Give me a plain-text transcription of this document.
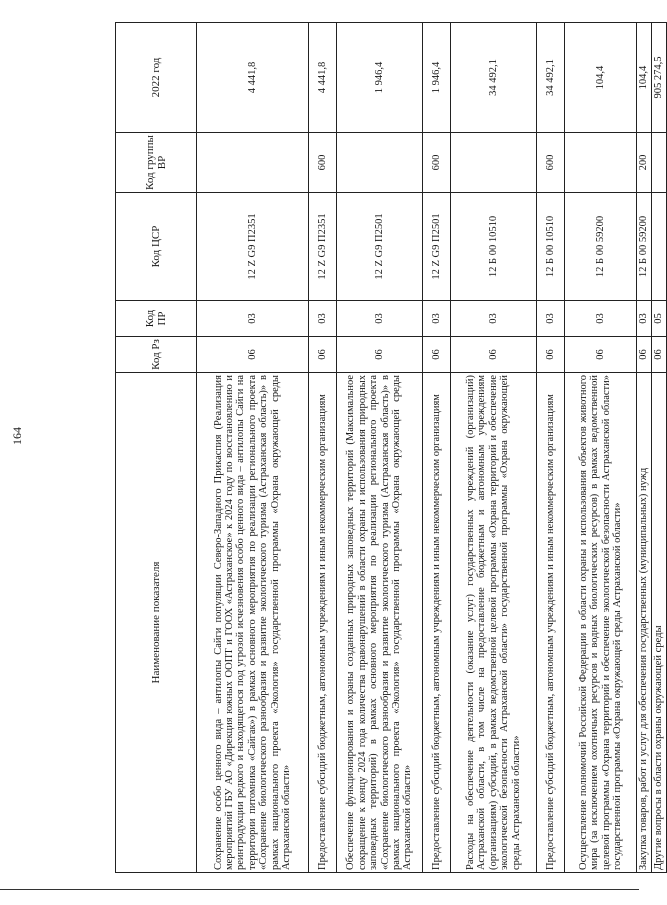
164
Наименование показателя	Код Рз	Код ПР	Код ЦСР	Код группы ВР	2022 год
Сохранение особо ценного вида – антилопы Сайги популяции Северо-Западного Прикаспия (Реализация мероприятий ГБУ АО «Дирекция южных ООПТ и ГООХ «Астраханское» к 2024 году по восстановлению и реинтродукции редкого и находящегося под угрозой исчезновения особо ценного вида – антилопы Сайги на территории питомника «Сайгак») в рамках основного мероприятия по реализации регионального проекта «Сохранение биологического разнообразия и развитие экологического туризма (Астраханская область)» в рамках национального проекта «Экология» государственной программы «Охрана окружающей среды Астраханской области»	06	03	12 Z G9 П2351		4 441,8
Предоставление субсидий бюджетным, автономным учреждениям и иным некоммерческим организациям	06	03	12 Z G9 П2351	600	4 441,8
Обеспечение функционирования и охраны созданных природных заповедных территорий (Максимальное сокращение к концу 2024 года количества правонарушений в области охраны и использования природных заповедных территорий) в рамках основного мероприятия по реализации регионального проекта «Сохранение биологического разнообразия и развитие экологического туризма (Астраханская область)» в рамках национального проекта «Экология» государственной программы «Охрана окружающей среды Астраханской области»	06	03	12 Z G9 П2501		1 946,4
Предоставление субсидий бюджетным, автономным учреждениям и иным некоммерческим организациям	06	03	12 Z G9 П2501	600	1 946,4
Расходы на обеспечение деятельности (оказание услуг) государственных учреждений (организаций) Астраханской области, в том числе на предоставление бюджетным и автономным учреждениям (организациям) субсидий, в рамках ведомственной целевой программы «Охрана территорий и обеспечение экологической безопасности Астраханской области» государственной программы «Охрана окружающей среды Астраханской области»	06	03	12 Б 00 10510		34 492,1
Предоставление субсидий бюджетным, автономным учреждениям и иным некоммерческим организациям	06	03	12 Б 00 10510	600	34 492,1
Осуществление полномочий Российской Федерации в области охраны и использования объектов животного мира (за исключением охотничьих ресурсов и водных биологических ресурсов) в рамках ведомственной целевой программы «Охрана территорий и обеспечение экологической безопасности Астраханской области» государственной программы «Охрана окружающей среды Астраханской области»	06	03	12 Б 00 59200		104,4
Закупка товаров, работ и услуг для обеспечения государственных (муниципальных) нужд	06	03	12 Б 00 59200	200	104,4
Другие вопросы в области охраны окружающей среды	06	05			905 274,5
